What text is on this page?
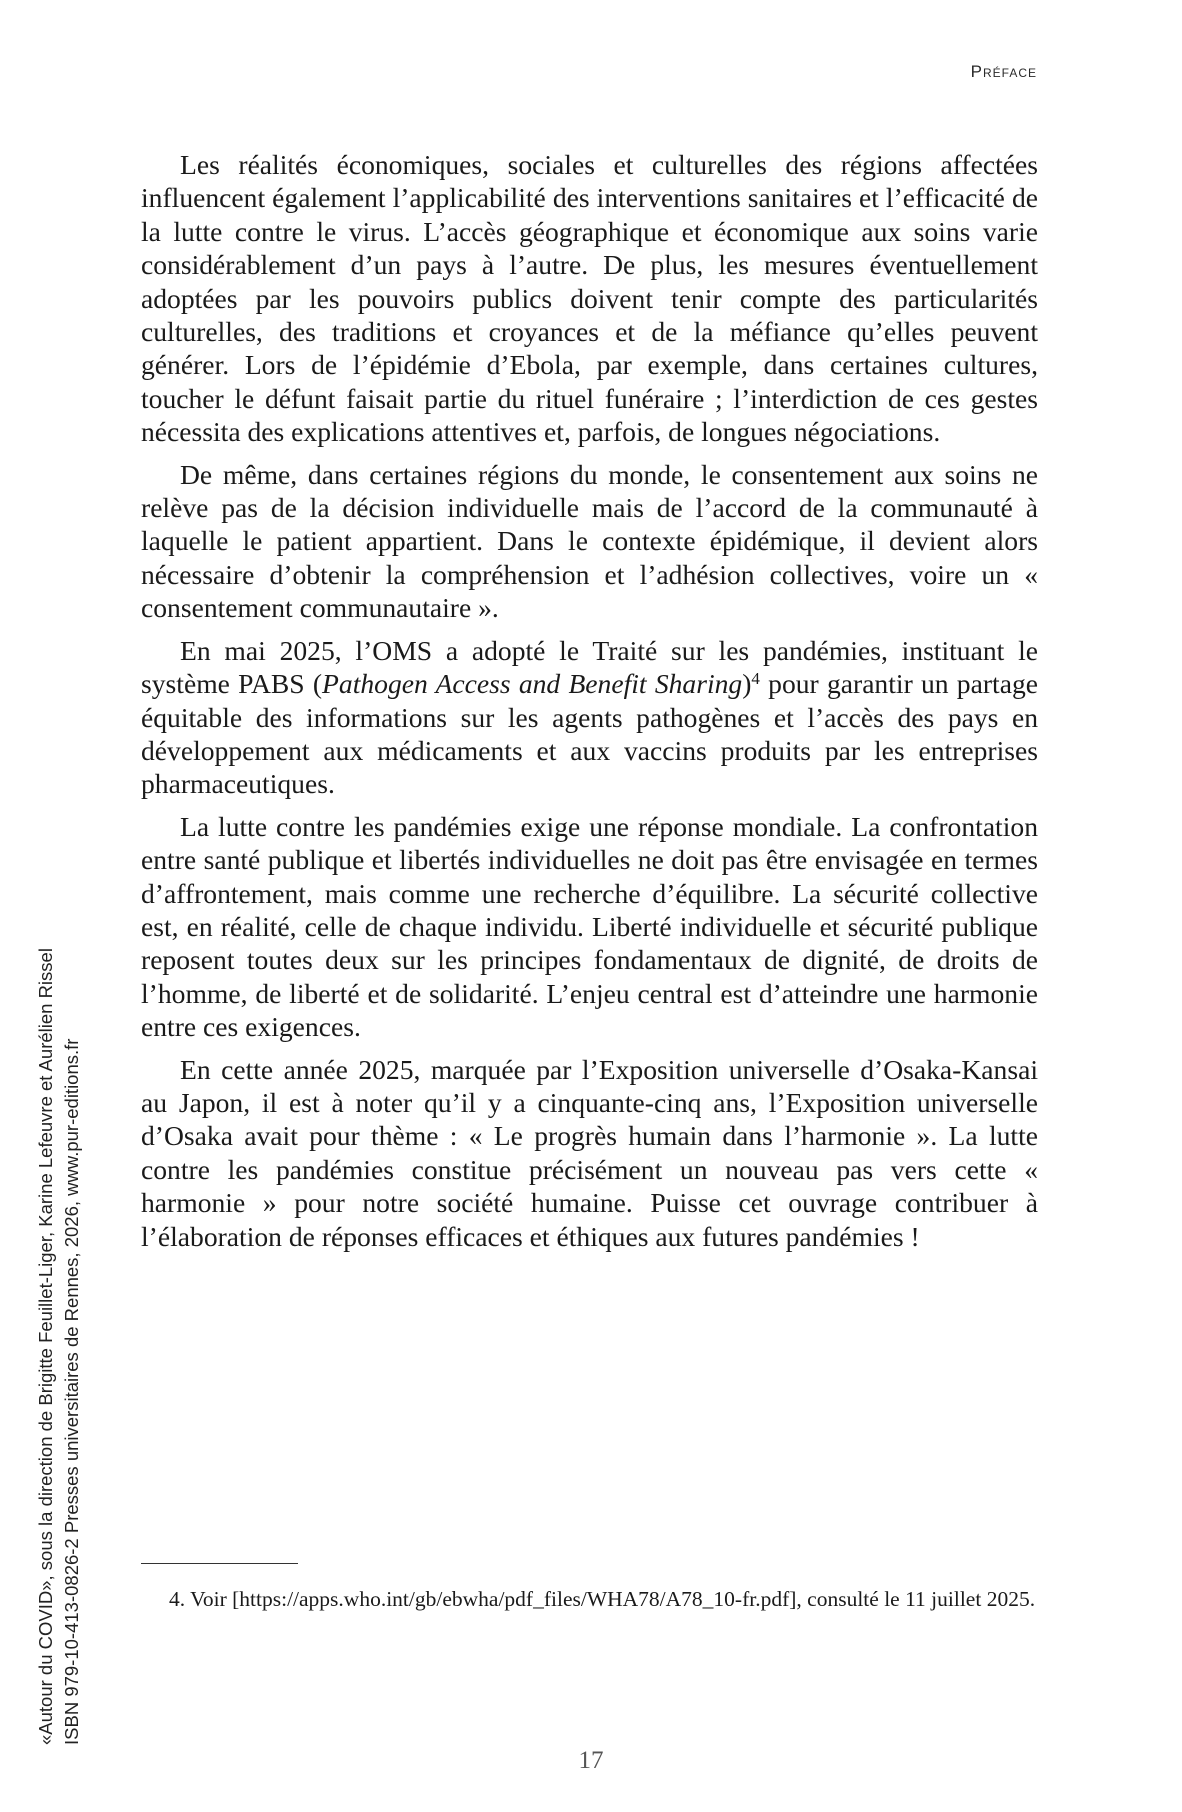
Préface

Les réalités économiques, sociales et culturelles des régions affectées influencent également l’applicabilité des interventions sanitaires et l’efficacité de la lutte contre le virus. L’accès géographique et économique aux soins varie considérablement d’un pays à l’autre. De plus, les mesures éventuellement adoptées par les pouvoirs publics doivent tenir compte des particularités culturelles, des traditions et croyances et de la méfiance qu’elles peuvent générer. Lors de l’épidémie d’Ebola, par exemple, dans certaines cultures, toucher le défunt faisait partie du rituel funéraire ; l’interdiction de ces gestes nécessita des explications attentives et, parfois, de longues négociations.

De même, dans certaines régions du monde, le consentement aux soins ne relève pas de la décision individuelle mais de l’accord de la communauté à laquelle le patient appartient. Dans le contexte épidémique, il devient alors nécessaire d’obtenir la compréhension et l’adhésion collectives, voire un « consentement communautaire ».

En mai 2025, l’OMS a adopté le Traité sur les pandémies, instituant le système PABS (Pathogen Access and Benefit Sharing)$^4$ pour garantir un partage équitable des informations sur les agents pathogènes et l’accès des pays en développement aux médicaments et aux vaccins produits par les entreprises pharmaceutiques.

La lutte contre les pandémies exige une réponse mondiale. La confrontation entre santé publique et libertés individuelles ne doit pas être envisagée en termes d’affrontement, mais comme une recherche d’équilibre. La sécurité collective est, en réalité, celle de chaque individu. Liberté individuelle et sécurité publique reposent toutes deux sur les principes fondamentaux de dignité, de droits de l’homme, de liberté et de solidarité. L’enjeu central est d’atteindre une harmonie entre ces exigences.

En cette année 2025, marquée par l’Exposition universelle d’Osaka-Kansai au Japon, il est à noter qu’il y a cinquante-cinq ans, l’Exposition universelle d’Osaka avait pour thème : « Le progrès humain dans l’harmonie ». La lutte contre les pandémies constitue précisément un nouveau pas vers cette « harmonie » pour notre société humaine. Puisse cet ouvrage contribuer à l’élaboration de réponses efficaces et éthiques aux futures pandémies !

4. Voir [https://apps.who.int/gb/ebwha/pdf_files/WHA78/A78_10-fr.pdf], consulté le 11 juillet 2025.

17
«Autour du COVID», sous la direction de Brigitte Feuillet-Liger, Karine Lefeuvre et Aurélien Rissel ISBN 979-10-413-0826-2 Presses universitaires de Rennes, 2026, www.pur-editions.fr
